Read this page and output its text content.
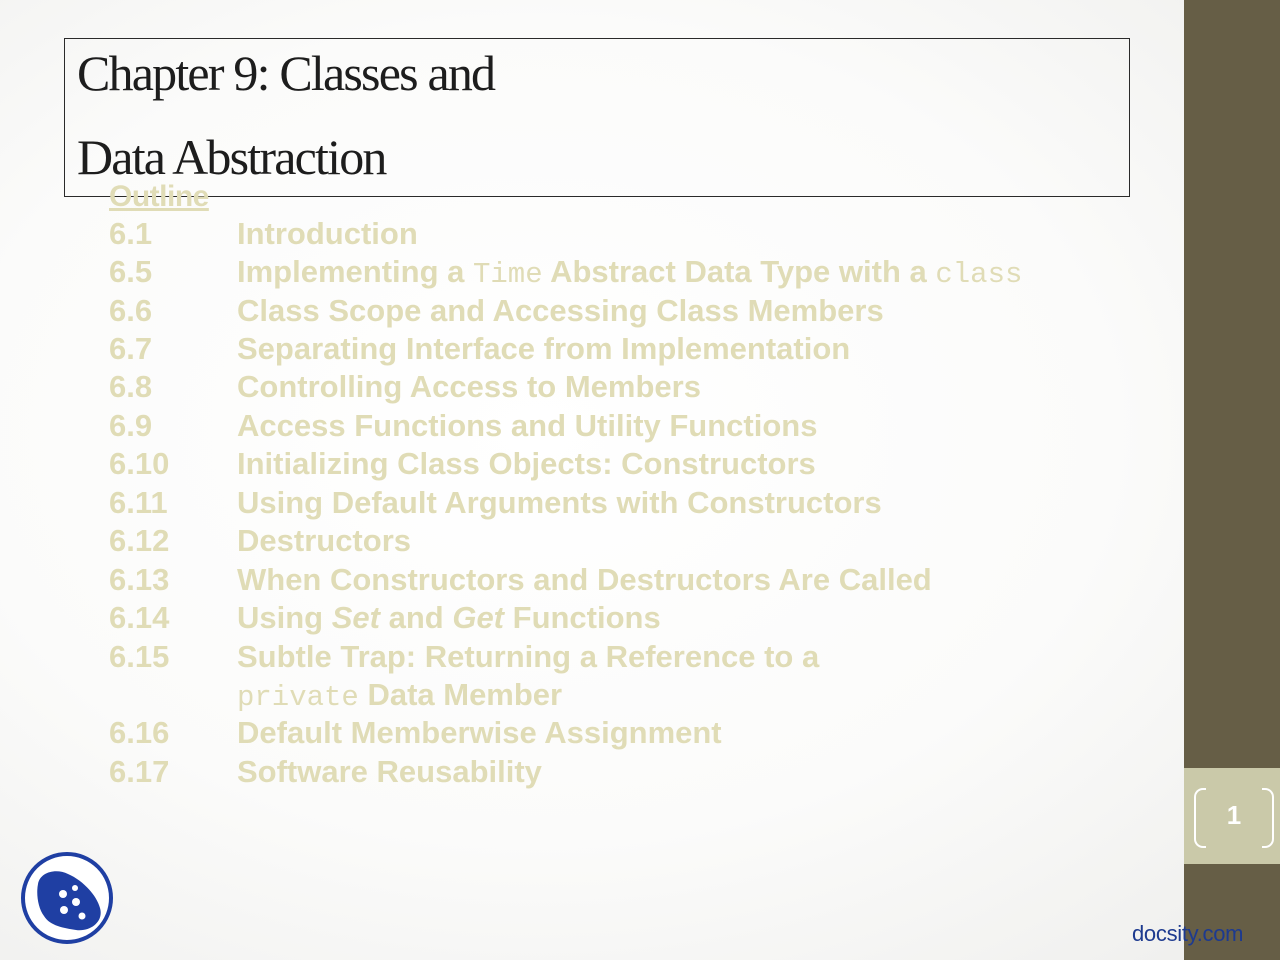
1
Chapter 9: Classes and
Data Abstraction
Outline
6.1	Introduction
6.5	Implementing a Time Abstract Data Type with a class
6.6	Class Scope and Accessing Class Members
6.7	Separating Interface from Implementation
6.8	Controlling Access to Members
6.9	Access Functions and Utility Functions
6.10 Initializing Class Objects: Constructors
6.11 Using Default Arguments with Constructors
6.12 Destructors
6.13 When Constructors and Destructors Are Called
6.14 Using Set and Get Functions
6.15 Subtle Trap: Returning a Reference to a
private Data Member
6.16 Default Memberwise Assignment
6.17 Software Reusability
docsity.com
